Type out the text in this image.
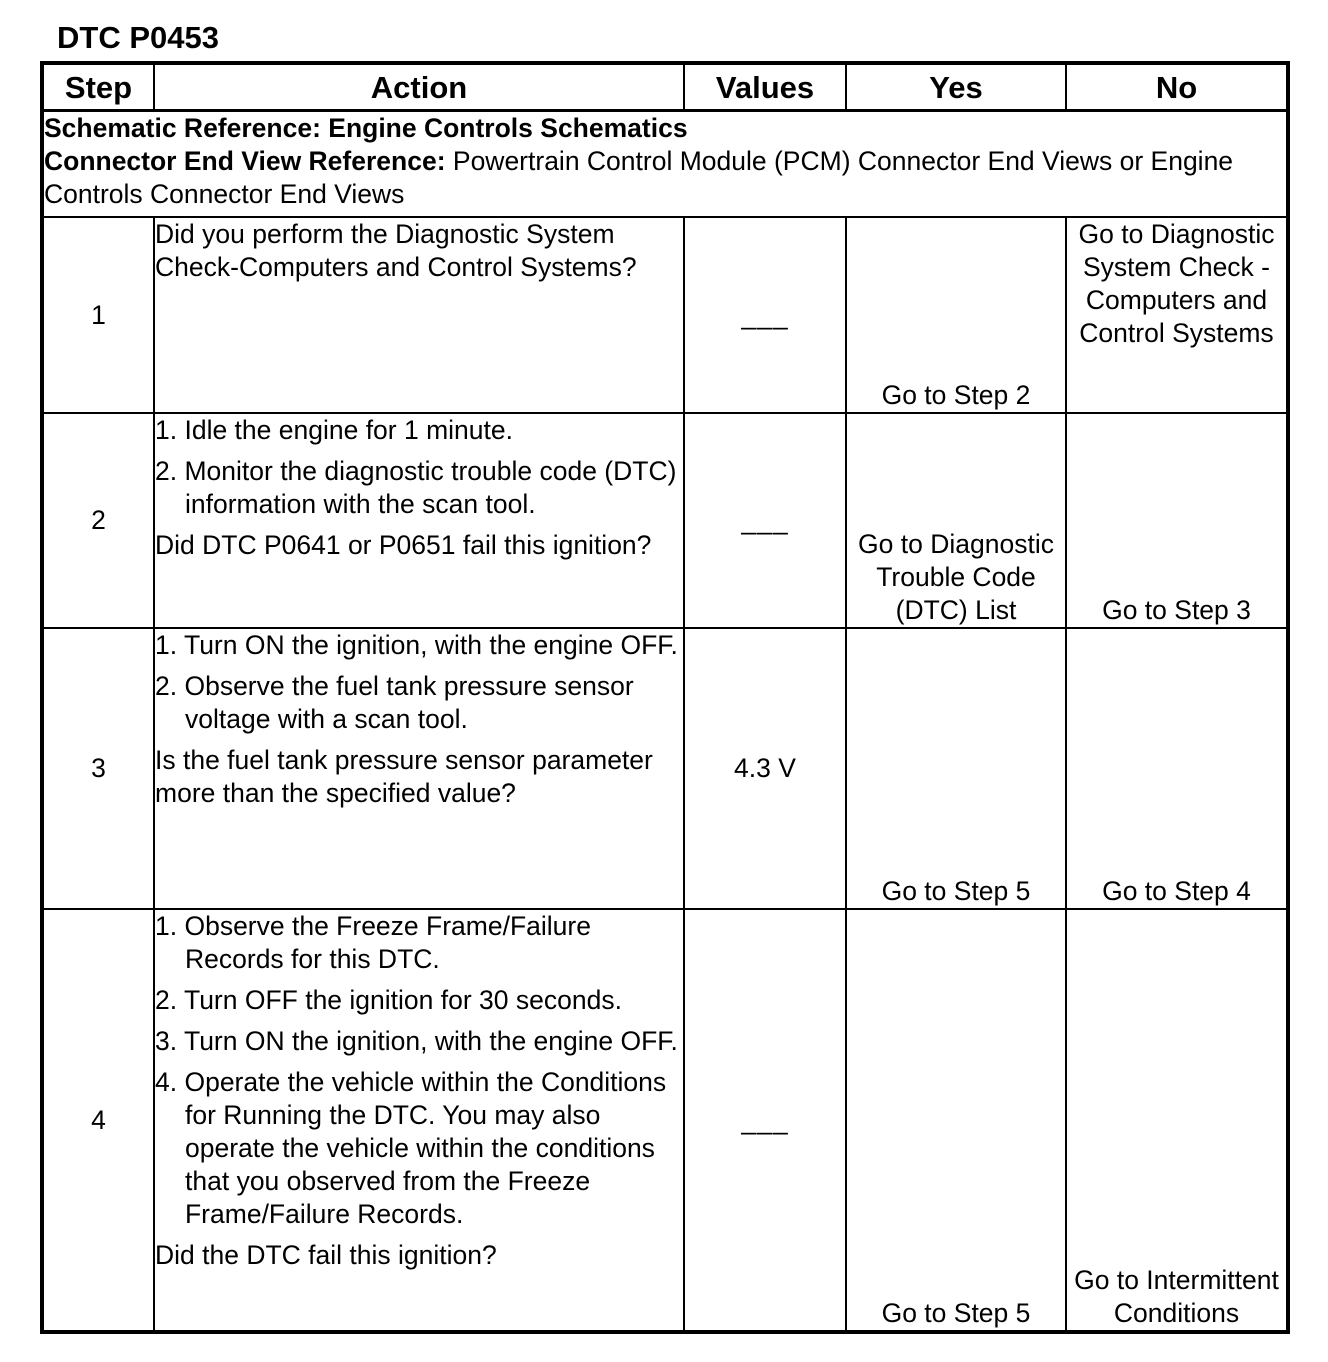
DTC P0453
Step	Action	Values	Yes	No

Schematic Reference: Engine Controls Schematics
Connector End View Reference: Powertrain Control Module (PCM) Connector End Views or Engine Controls Connector End Views				

1	Did you perform the Diagnostic System Check-Computers and Control Systems?	___	Go to Step 2	Go to Diagnostic System Check - Computers and Control Systems
2	1. Idle the engine for 1 minute.
2. Monitor the diagnostic trouble code (DTC) information with the scan tool.
Did DTC P0641 or P0651 fail this ignition?	___	Go to Diagnostic Trouble Code (DTC) List	Go to Step 3
3	1. Turn ON the ignition, with the engine OFF.
2. Observe the fuel tank pressure sensor voltage with a scan tool.
Is the fuel tank pressure sensor parameter more than the specified value?	4.3 V	Go to Step 5	Go to Step 4
4	1. Observe the Freeze Frame/Failure Records for this DTC.
2. Turn OFF the ignition for 30 seconds.
3. Turn ON the ignition, with the engine OFF.
4. Operate the vehicle within the Conditions for Running the DTC. You may also operate the vehicle within the conditions that you observed from the Freeze Frame/Failure Records.
Did the DTC fail this ignition?	___	Go to Step 5	Go to Intermittent Conditions
